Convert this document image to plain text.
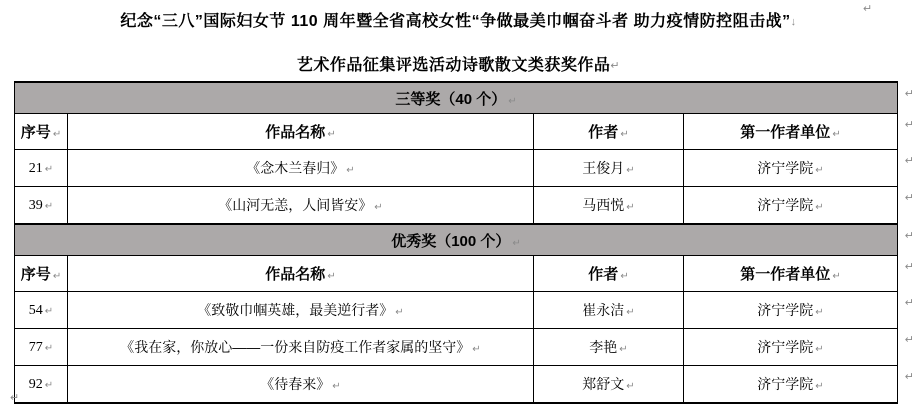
↵
纪念“三八”国际妇女节 110 周年暨全省高校女性“争做最美巾帼奋斗者 助力疫情防控阻击战”↓
艺术作品征集评选活动诗歌散文类获奖作品↵
三等奖（40 个） ↵
↵			

序号 ↵	作品名称 ↵	作者 ↵	第一作者单位 ↵
↵

21 ↵	《念木兰春归》 ↵	王俊月 ↵	济宁学院 ↵
↵

39 ↵	《山河无恙，人间皆安》 ↵	马西悦 ↵	济宁学院 ↵
↵

优秀奖（100 个） ↵
↵			

序号 ↵	作品名称 ↵	作者 ↵	第一作者单位 ↵
↵

54 ↵	《致敬巾帼英雄，最美逆行者》 ↵	崔永洁 ↵	济宁学院 ↵
↵

77 ↵	《我在家，你放心——一份来自防疫工作者家属的坚守》 ↵	李艳 ↵	济宁学院 ↵
↵

92 ↵	《待春来》 ↵	郑舒文 ↵	济宁学院 ↵
↵
↵
